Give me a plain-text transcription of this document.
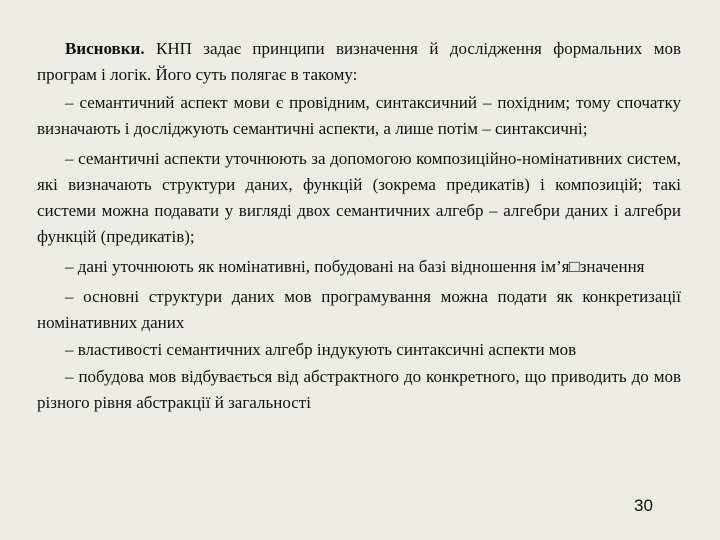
Висновки. КНП задає принципи визначення й дослідження формальних мов програм і логік. Його суть полягає в такому:

– семантичний аспект мови є провідним, синтаксичний – похідним; тому спочатку визначають і досліджують семантичні аспекти, а лише потім – синтаксичні;

– семантичні аспекти уточнюють за допомогою композиційно-номінативних систем, які визначають структури даних, функцій (зокрема предикатів) і композицій; такі системи можна подавати у вигляді двох семантичних алгебр – алгебри даних і алгебри функцій (предикатів);

– дані уточнюють як номінативні, побудовані на базі відношення ім’я□значення

– основні структури даних мов програмування можна подати як конкретизації номінативних даних

– властивості семантичних алгебр індукують синтаксичні аспекти мов

– побудова мов відбувається від абстрактного до конкретного, що приводить до мов різного рівня абстракції й загальності

30
